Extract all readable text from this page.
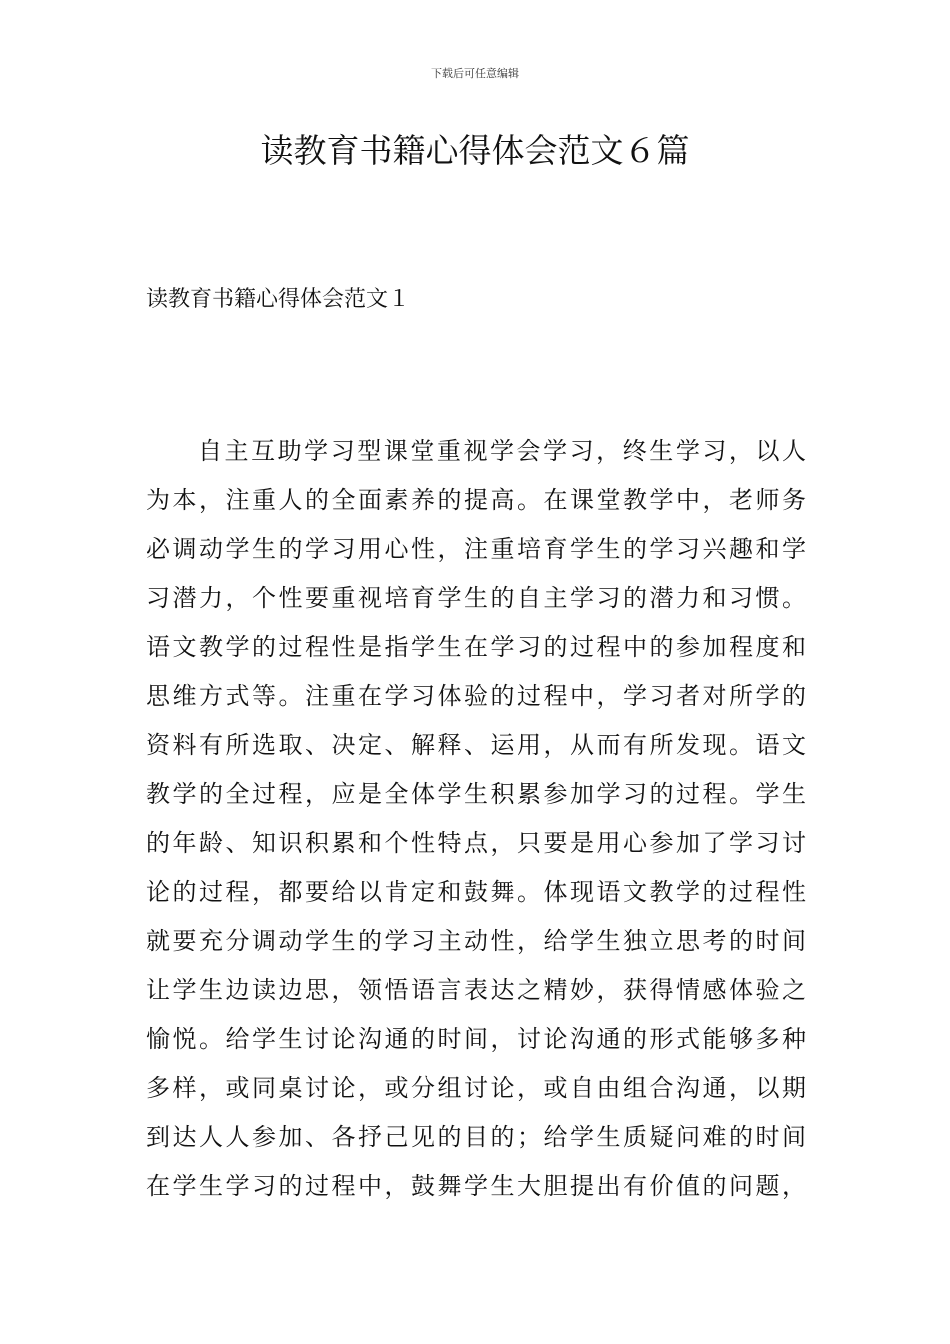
下载后可任意编辑
读教育书籍心得体会范文６篇
读教育书籍心得体会范文１
自主互助学习型课堂重视学会学习，终生学习，以人
为本，注重人的全面素养的提高。在课堂教学中，老师务
必调动学生的学习用心性，注重培育学生的学习兴趣和学
习潜力，个性要重视培育学生的自主学习的潜力和习惯。
语文教学的过程性是指学生在学习的过程中的参加程度和
思维方式等。注重在学习体验的过程中，学习者对所学的
资料有所选取、决定、解释、运用，从而有所发现。语文
教学的全过程，应是全体学生积累参加学习的过程。学生
的年龄、知识积累和个性特点，只要是用心参加了学习讨
论的过程，都要给以肯定和鼓舞。体现语文教学的过程性
就要充分调动学生的学习主动性，给学生独立思考的时间
让学生边读边思，领悟语言表达之精妙，获得情感体验之
愉悦。给学生讨论沟通的时间，讨论沟通的形式能够多种
多样，或同桌讨论，或分组讨论，或自由组合沟通，以期
到达人人参加、各抒己见的目的；给学生质疑问难的时间
在学生学习的过程中，鼓舞学生大胆提出有价值的问题，
